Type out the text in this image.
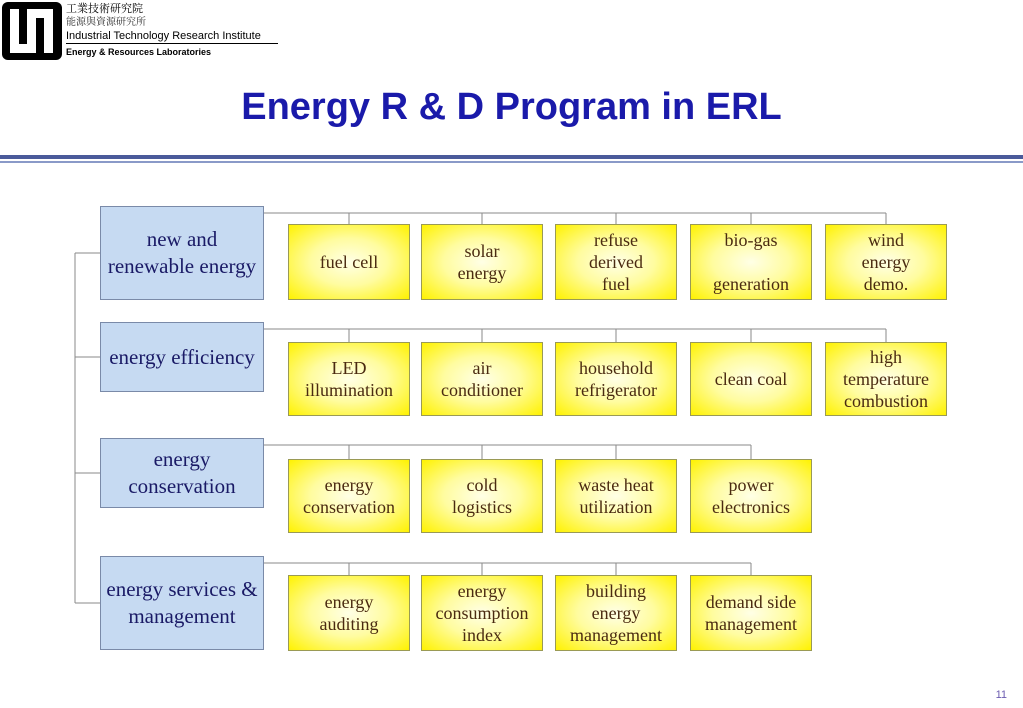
工業技術研究院
能源與資源研究所
Industrial Technology Research Institute
Energy & Resources Laboratories
Energy R & D Program in ERL
new and renewable energy	fuel cell
solar
energy
refuse
derived
fuel
bio-gas

generation
wind
energy
demo.
energy efficiency	LED
illumination
air
conditioner
household
refrigerator
clean coal
high
temperature
combustion
energy conservation	energy
conservation
cold
logistics
waste heat
utilization
power
electronics
energy services & management
energy
auditing
energy
consumption
index
building
energy
management
demand side
management
11
